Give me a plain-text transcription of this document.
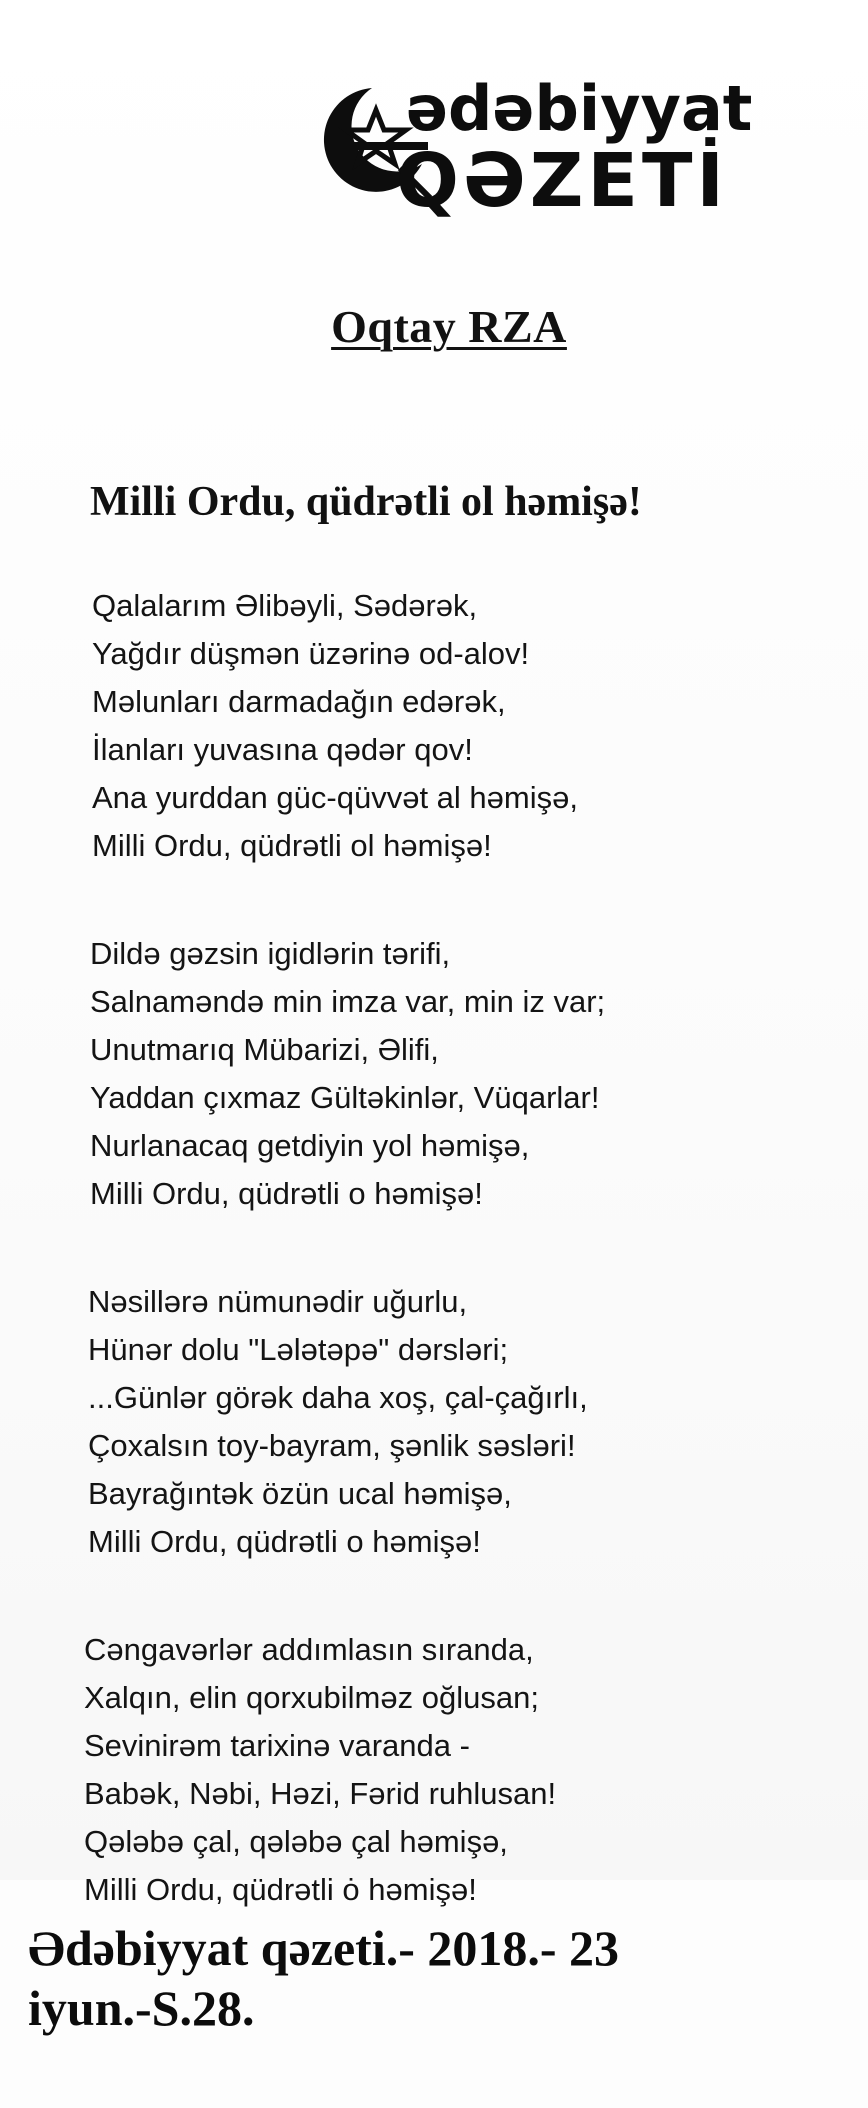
ədəbiyyat
QƏZETİ
Oqtay RZA
Milli Ordu, qüdrətli ol həmişə!
Qalalarım Əlibəyli, Sədərək,
Yağdır düşmən üzərinə od-alov!
Məlunları darmadağın edərək,
İlanları yuvasına qədər qov!
Ana yurddan güc-qüvvət al həmişə,
Milli Ordu, qüdrətli ol həmişə!
Dildə gəzsin igidlərin tərifi,
Salnaməndə min imza var, min iz var;
Unutmarıq Mübarizi, Əlifi,
Yaddan çıxmaz Gültəkinlər, Vüqarlar!
Nurlanacaq getdiyin yol həmişə,
Milli Ordu, qüdrətli o həmişə!
Nəsillərə nümunədir uğurlu,
Hünər dolu "Lələtəpə" dərsləri;
...Günlər görək daha xoş, çal-çağırlı,
Çoxalsın toy-bayram, şənlik səsləri!
Bayrağıntək özün ucal həmişə,
Milli Ordu, qüdrətli o həmişə!
Cəngavərlər addımlasın sıranda,
Xalqın, elin qorxubilməz oğlusan;
Sevinirəm tarixinə varanda -
Babək, Nəbi, Həzi, Fərid ruhlusan!
Qələbə çal, qələbə çal həmişə,
Milli Ordu, qüdrətli ȯ həmişə!
Ədəbiyyat qəzeti.- 2018.- 23
iyun.-S.28.
